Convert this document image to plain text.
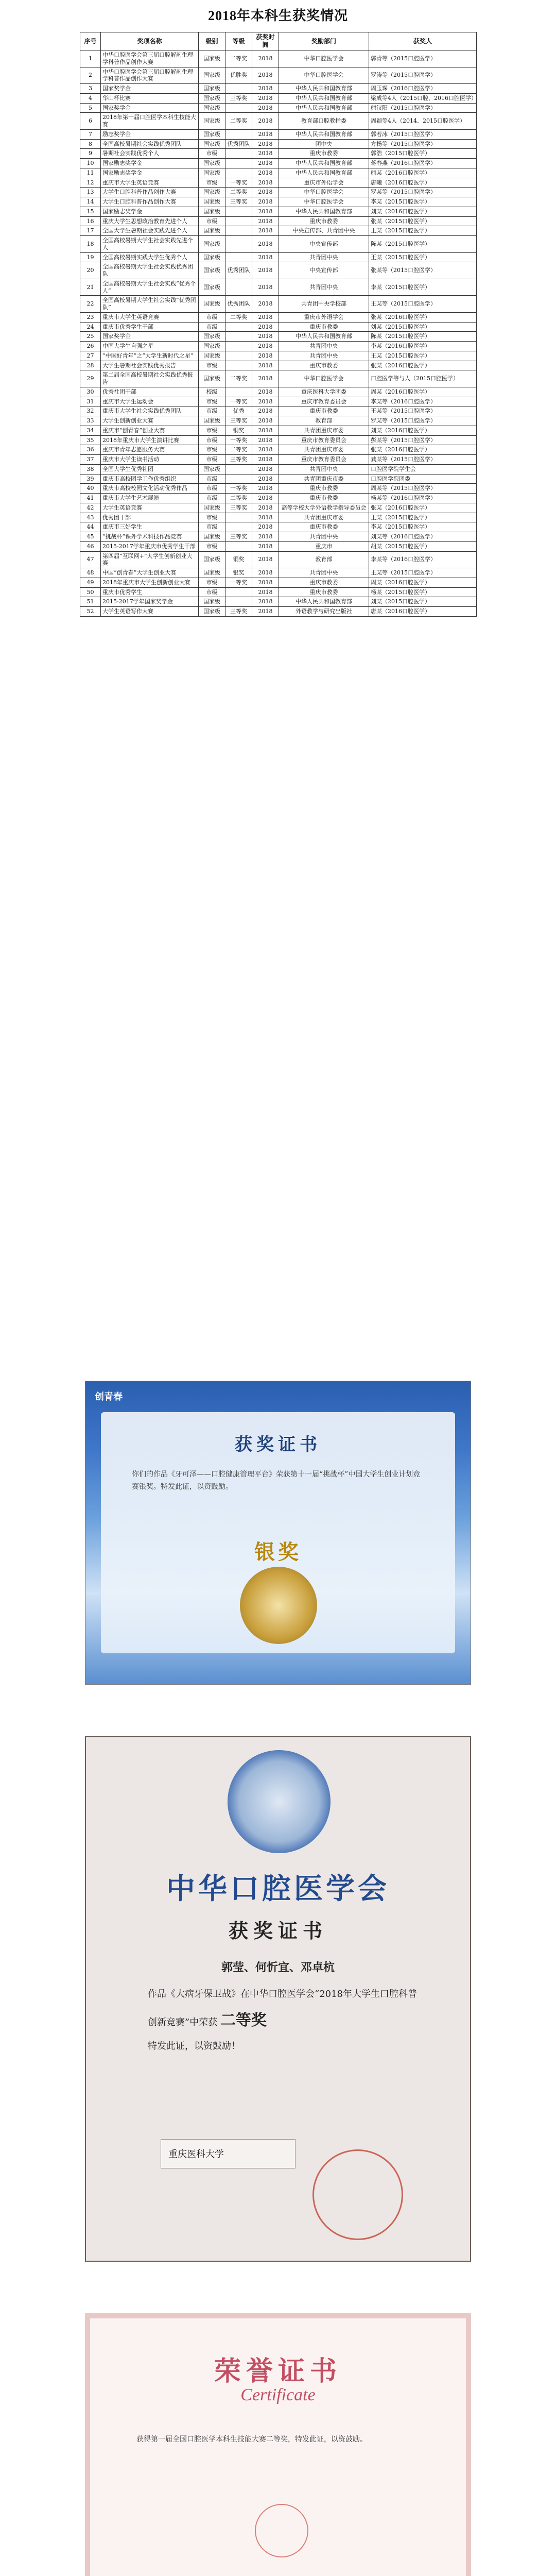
2018年本科生获奖情况
序号	奖项名称	级别	等级	获奖时间	奖励部门	获奖人
1	中华口腔医学会第三届口腔解剖生理学科普作品创作大赛	国家级	二等奖	2018	中华口腔医学会	郭青等（2015口腔医学）
2	中华口腔医学会第三届口腔解剖生理学科普作品创作大赛	国家级	优胜奖	2018	中华口腔医学会	罗涛等（2015口腔医学）
3	国家奖学金	国家级		2018	中华人民共和国教育部	周玉琛（2016口腔医学）
4	华山杯比赛	国家级	三等奖	2018	中华人民共和国教育部	梁成等4人（2015口腔，2016口腔医学）
5	国家奖学金	国家级		2018	中华人民共和国教育部	熊汉阳（2015口腔医学）
6	2018年第十届口腔医学本科生技能大赛	国家级	二等奖	2018	教育部口腔教指委	周颖等4人（2014、2015口腔医学）
7	励志奖学金	国家级		2018	中华人民共和国教育部	郭若冰（2015口腔医学）
8	全国高校暑期社会实践优秀团队	国家级	优秀团队	2018	团中央	方杨等（2015口腔医学）
9	暑期社会实践优秀个人	市级		2018	重庆市教委	郭浩（2015口腔医学）
10	国家励志奖学金	国家级		2018	中华人民共和国教育部	蒋春燕（2016口腔医学）
11	国家励志奖学金	国家级		2018	中华人民共和国教育部	熊某（2016口腔医学）
12	重庆市大学生英语竞赛	市级	一等奖	2018	重庆市外语学会	唐曦（2016口腔医学）
13	大学生口腔科普作品创作大赛	国家级	二等奖	2018	中华口腔医学会	罗某等（2015口腔医学）
14	大学生口腔科普作品创作大赛	国家级	三等奖	2018	中华口腔医学会	李某（2015口腔医学）
15	国家励志奖学金	国家级		2018	中华人民共和国教育部	刘某（2016口腔医学）
16	重庆大学生思想政治教育先进个人	市级		2018	重庆市教委	张某（2015口腔医学）
17	全国大学生暑期社会实践先进个人	国家级		2018	中央宣传部、共青团中央	王某（2015口腔医学）
18	全国高校暑期大学生社会实践先进个人	国家级		2018	中央宣传部	陈某（2015口腔医学）
19	全国高校暑期实践大学生优秀个人	国家级		2018	共青团中央	王某（2015口腔医学）
20	全国高校暑期大学生社会实践优秀团队	国家级	优秀团队	2018	中央宣传部	张某等（2015口腔医学）
21	全国高校暑期大学生社会实践“优秀个人”	国家级		2018	共青团中央	李某（2015口腔医学）
22	全国高校暑期大学生社会实践“优秀团队”	国家级	优秀团队	2018	共青团中央学校部	王某等（2015口腔医学）
23	重庆市大学生英语竞赛	市级	二等奖	2018	重庆市外语学会	张某（2016口腔医学）
24	重庆市优秀学生干部	市级		2018	重庆市教委	刘某（2015口腔医学）
25	国家奖学金	国家级		2018	中华人民共和国教育部	陈某（2015口腔医学）
26	中国大学生自强之星	国家级		2018	共青团中央	李某（2016口腔医学）
27	“中国好青年”之“大学生新时代之星”	国家级		2018	共青团中央	王某（2015口腔医学）
28	大学生暑期社会实践优秀报告	市级		2018	重庆市教委	张某（2016口腔医学）
29	第二届全国高校暑期社会实践优秀报告	国家级	二等奖	2018	中华口腔医学会	口腔医学等与人（2015口腔医学）
30	优秀社团干部	校级		2018	重庆医科大学团委	周某（2016口腔医学）
31	重庆市大学生运动会	市级	一等奖	2018	重庆市教育委员会	李某等（2016口腔医学）
32	重庆市大学生社会实践优秀团队	市级	优秀	2018	重庆市教委	王某等（2015口腔医学）
33	大学生创新创业大赛	国家级	三等奖	2018	教育部	罗某等（2015口腔医学）
34	重庆市“创青春”创业大赛	市级	铜奖	2018	共青团重庆市委	刘某（2016口腔医学）
35	2018年重庆市大学生演讲比赛	市级	一等奖	2018	重庆市教育委员会	彭某等（2015口腔医学）
36	重庆市青年志愿服务大赛	市级	二等奖	2018	共青团重庆市委	张某（2016口腔医学）
37	重庆市大学生读书活动	市级	三等奖	2018	重庆市教育委员会	龚某等（2015口腔医学）
38	全国大学生优秀社团	国家级		2018	共青团中央	口腔医学院学生会
39	重庆市高校团学工作优秀组织	市级		2018	共青团重庆市委	口腔医学院团委
40	重庆市高校校园文化活动优秀作品	市级	一等奖	2018	重庆市教委	周某等（2015口腔医学）
41	重庆市大学生艺术展演	市级	二等奖	2018	重庆市教委	杨某等（2016口腔医学）
42	大学生英语竞赛	国家级	三等奖	2018	高等学校大学外语教学指导委员会	张某（2016口腔医学）
43	优秀团干部	市级		2018	共青团重庆市委	王某（2015口腔医学）
44	重庆市三好学生	市级		2018	重庆市教委	李某（2015口腔医学）
45	“挑战杯”课外学术科技作品竞赛	国家级	三等奖	2018	共青团中央	刘某等（2016口腔医学）
46	2015-2017学年重庆市优秀学生干部	市级		2018	重庆市	胡某（2015口腔医学）
47	第四届“互联网+”大学生创新创业大赛	国家级	铜奖	2018	教育部	李某等（2016口腔医学）
48	中国“创青春”大学生创业大赛	国家级	银奖	2018	共青团中央	王某等（2015口腔医学）
49	2018年重庆市大学生创新创业大赛	市级	一等奖	2018	重庆市教委	周某（2016口腔医学）
50	重庆市优秀学生	市级		2018	重庆市教委	杨某（2015口腔医学）
51	2015-2017学年国家奖学金	国家级		2018	中华人民共和国教育部	刘某（2015口腔医学）
52	大学生英语写作大赛	国家级	三等奖	2018	外语教学与研究出版社	唐某（2016口腔医学）
创青春
获奖证书
你们的作品《牙可泽——口腔健康管理平台》荣获第十一届“挑战杯”中国大学生创业计划竞赛银奖。特发此证，以资鼓励。
银奖
中华口腔医学会
获奖证书
郭莹、何忻宜、邓卓杭
作品《大病牙保卫战》在中华口腔医学会“2018年大学生口腔科普创新竞赛”中荣获 二等奖
特发此证，以资鼓励！
重庆医科大学
荣誉证书
Certificate
获得第一届全国口腔医学本科生技能大赛二等奖，特发此证，以资鼓励。
